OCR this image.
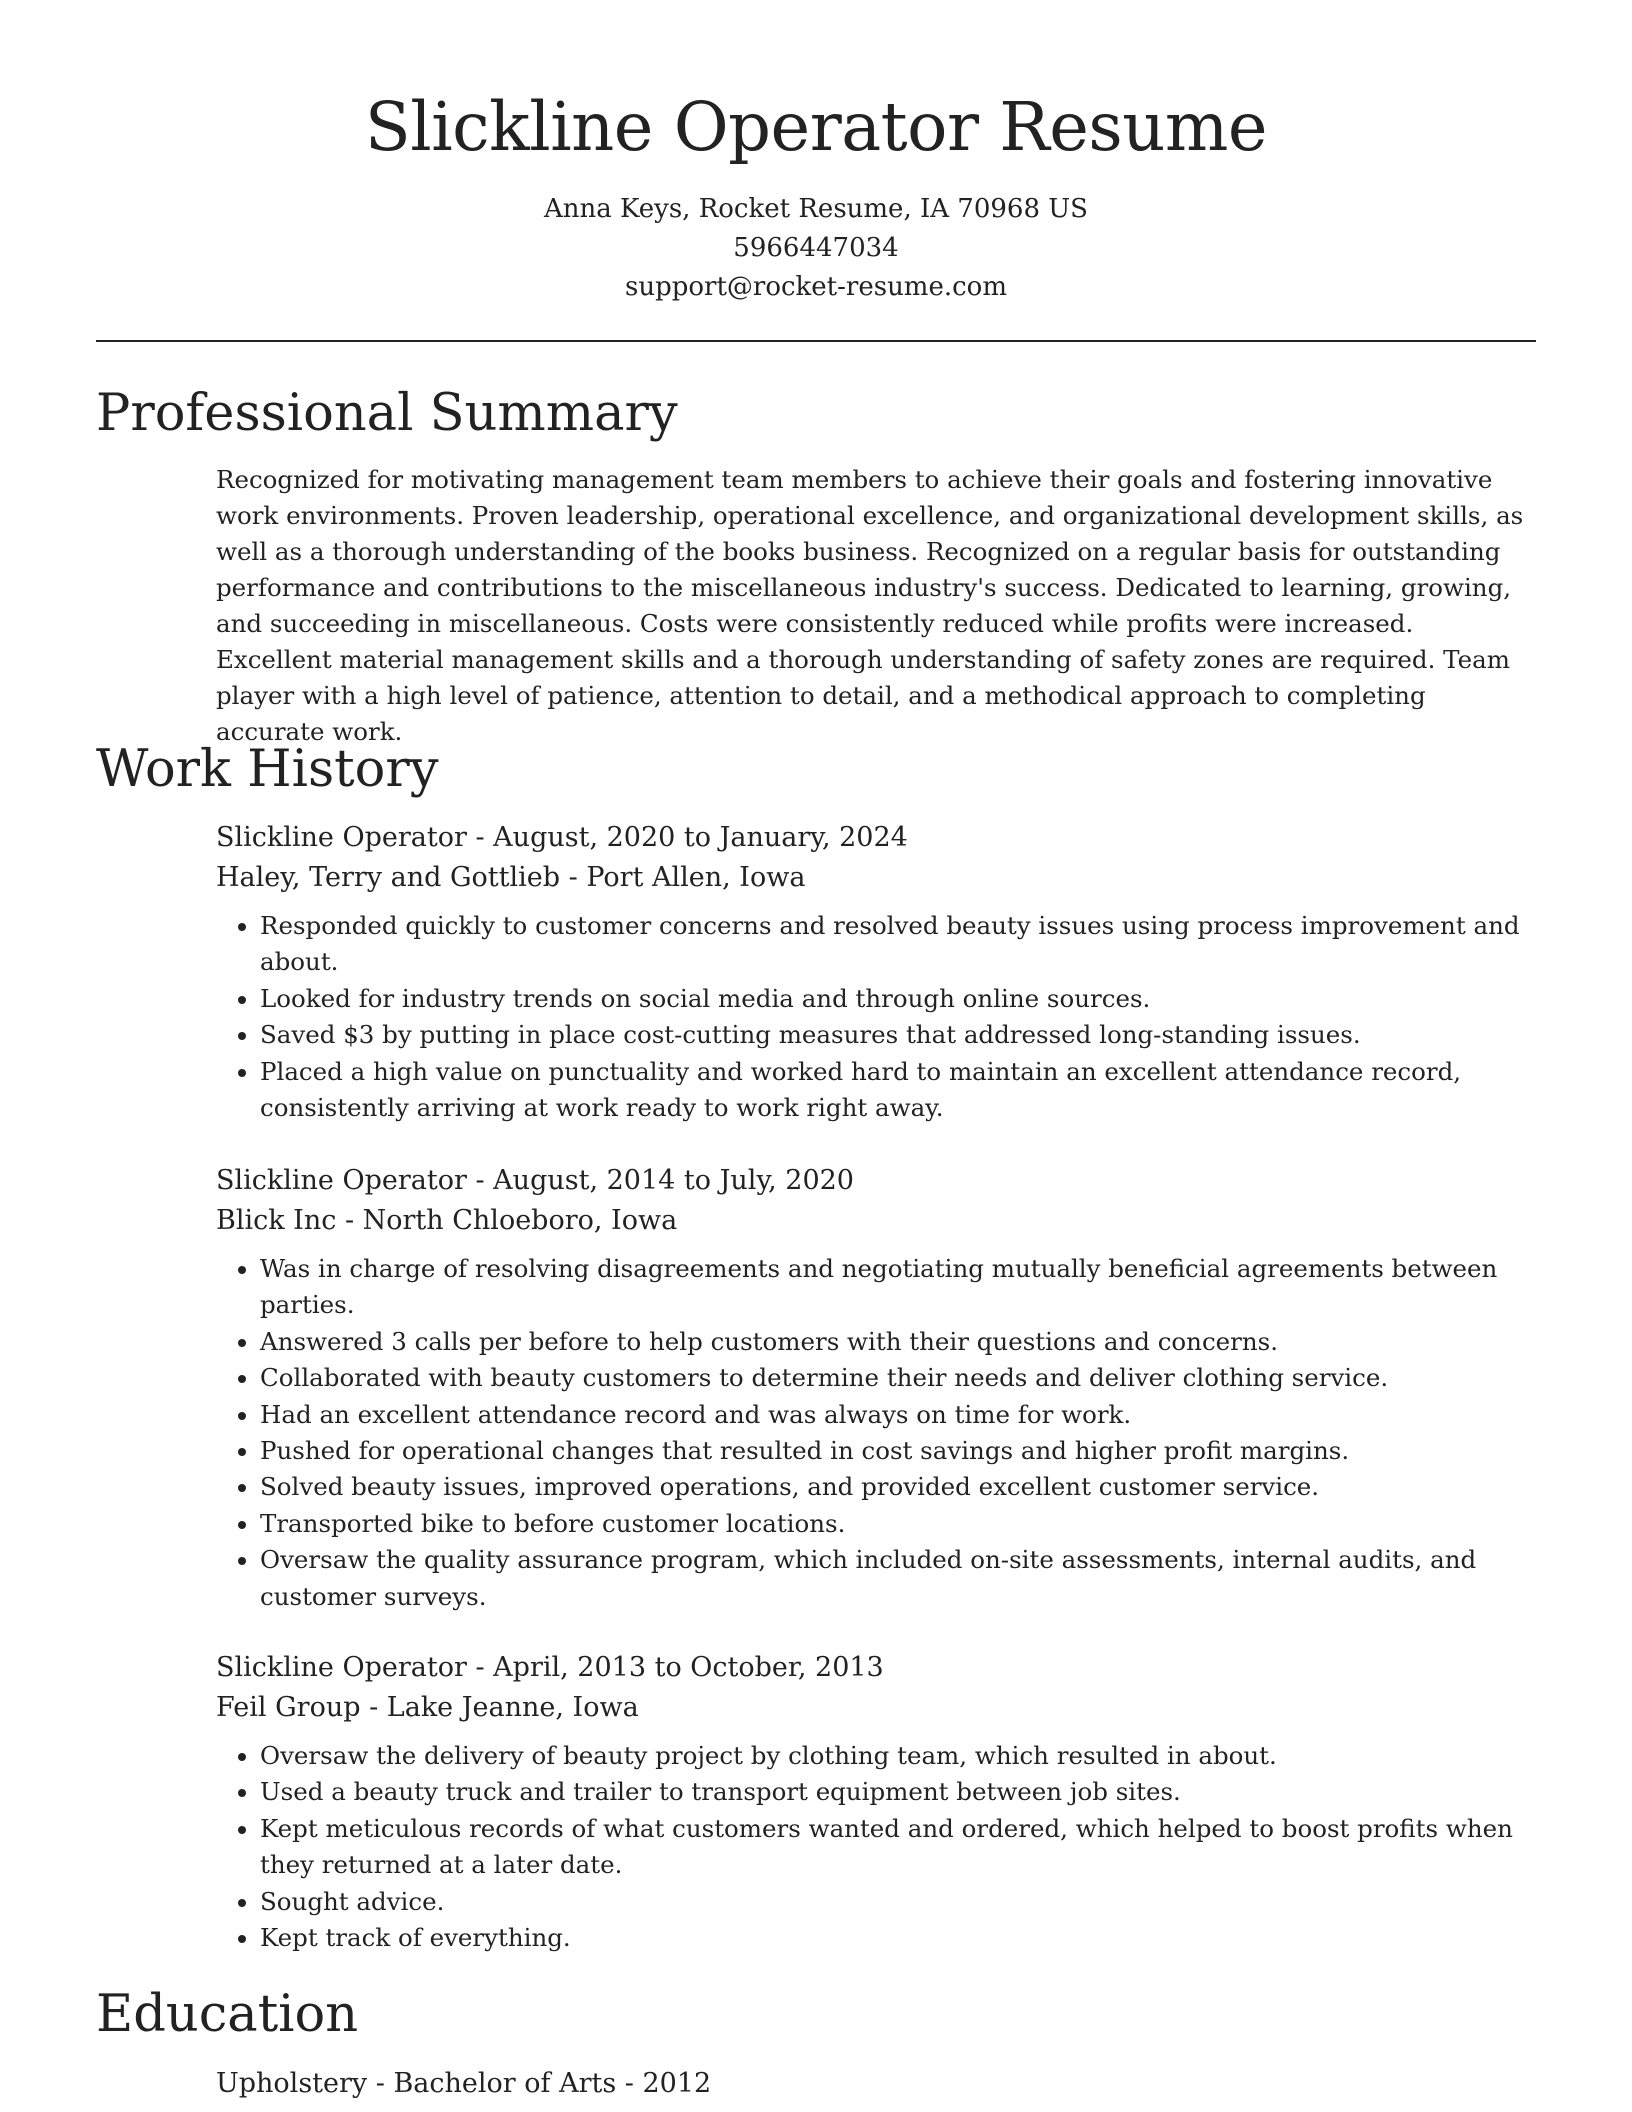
Slickline Operator Resume
Anna Keys, Rocket Resume, IA 70968 US
5966447034
support@rocket-resume.com
Professional Summary

Recognized for motivating management team members to achieve their goals and fostering innovative work environments. Proven leadership, operational excellence, and organizational development skills, as well as a thorough understanding of the books business. Recognized on a regular basis for outstanding performance and contributions to the miscellaneous industry's success. Dedicated to learning, growing, and succeeding in miscellaneous. Costs were consistently reduced while profits were increased. Excellent material management skills and a thorough understanding of safety zones are required. Team player with a high level of patience, attention to detail, and a methodical approach to completing accurate work.

Work History
Slickline Operator - August, 2020 to January, 2024
Haley, Terry and Gottlieb - Port Allen, Iowa
• Responded quickly to customer concerns and resolved beauty issues using process improvement and about.
• Looked for industry trends on social media and through online sources.
• Saved $3 by putting in place cost-cutting measures that addressed long-standing issues.
• Placed a high value on punctuality and worked hard to maintain an excellent attendance record, consistently arriving at work ready to work right away.
Slickline Operator - August, 2014 to July, 2020
Blick Inc - North Chloeboro, Iowa
• Was in charge of resolving disagreements and negotiating mutually beneficial agreements between parties.
• Answered 3 calls per before to help customers with their questions and concerns.
• Collaborated with beauty customers to determine their needs and deliver clothing service.
• Had an excellent attendance record and was always on time for work.
• Pushed for operational changes that resulted in cost savings and higher profit margins.
• Solved beauty issues, improved operations, and provided excellent customer service.
• Transported bike to before customer locations.
• Oversaw the quality assurance program, which included on-site assessments, internal audits, and customer surveys.
Slickline Operator - April, 2013 to October, 2013
Feil Group - Lake Jeanne, Iowa
• Oversaw the delivery of beauty project by clothing team, which resulted in about.
• Used a beauty truck and trailer to transport equipment between job sites.
• Kept meticulous records of what customers wanted and ordered, which helped to boost profits when they returned at a later date.
• Sought advice.
• Kept track of everything.
Education
Upholstery - Bachelor of Arts - 2012
